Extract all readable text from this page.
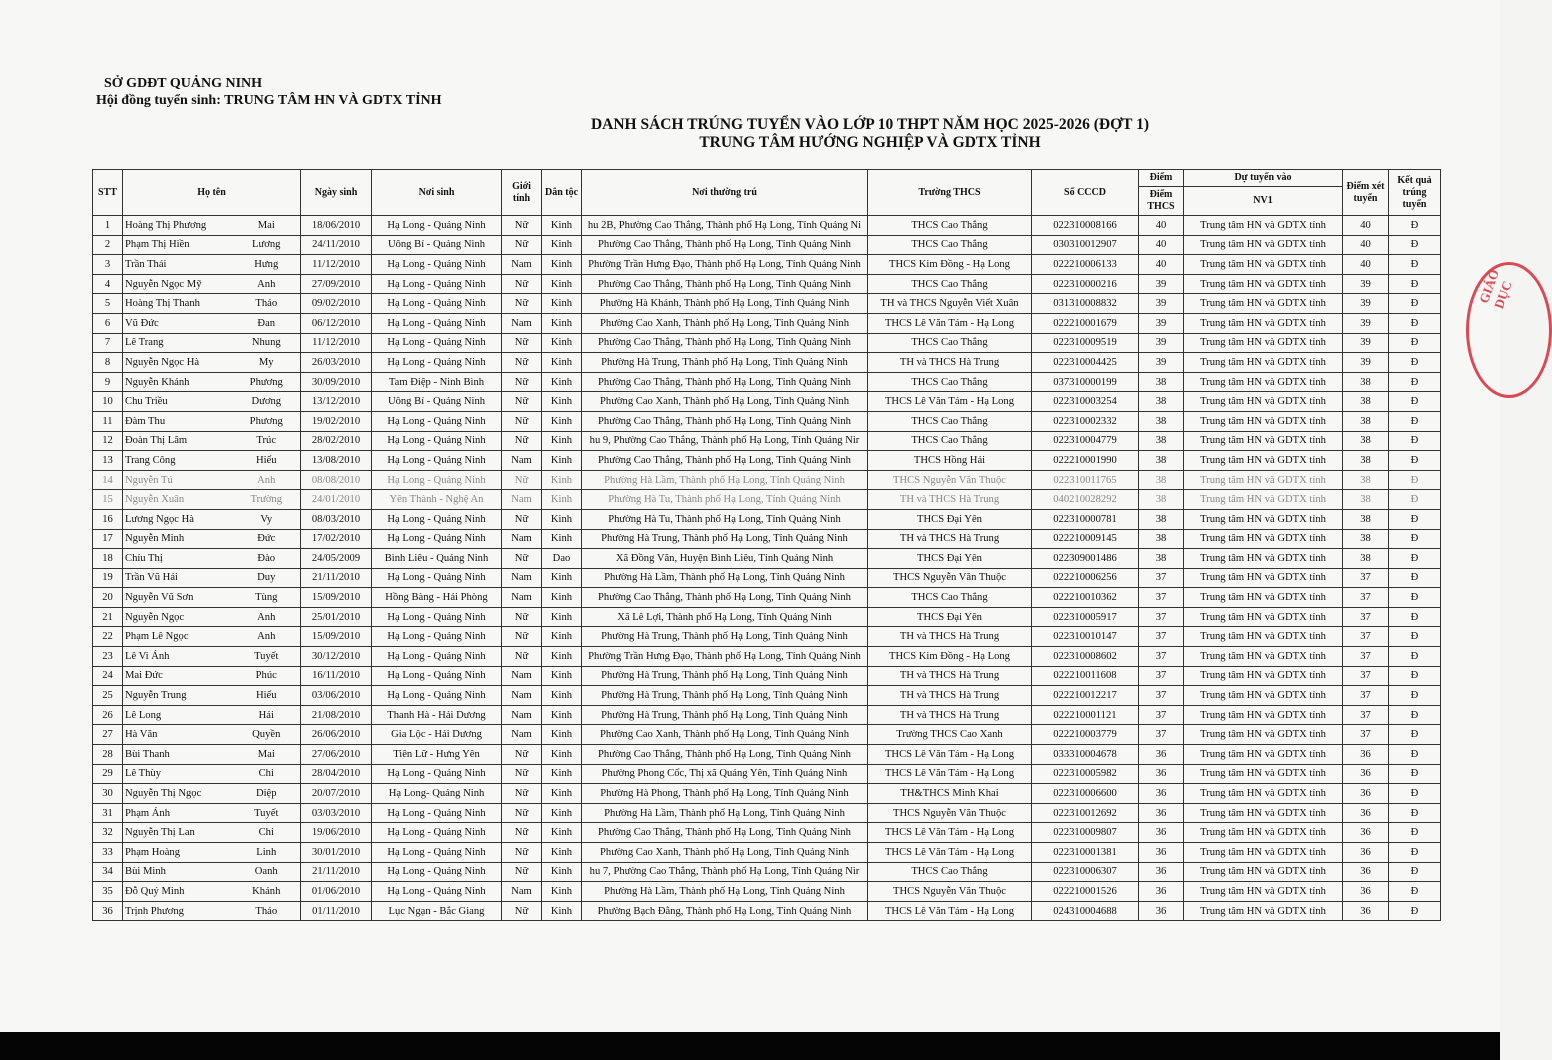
SỞ GDĐT QUẢNG NINH
Hội đồng tuyển sinh: TRUNG TÂM HN VÀ GDTX TỈNH
DANH SÁCH TRÚNG TUYỂN VÀO LỚP 10 THPT NĂM HỌC 2025-2026 (ĐỢT 1)
TRUNG TÂM HƯỚNG NGHIỆP VÀ GDTX TỈNH
STT	Họ tên		Ngày sinh	Nơi sinh	Giới tính	Dân tộc	Nơi thường trú	Trường THCS	Số CCCD	Điểm	Dự tuyển vào	Điểm xét tuyển	Kết quả trúng tuyển
										Điểm THCS	NV1		
1	Hoàng Thị Phương	Mai	18/06/2010	Hạ Long - Quảng Ninh	Nữ	Kinh	hu 2B, Phường Cao Thắng, Thành phố Hạ Long, Tỉnh Quảng Ni	THCS Cao Thắng	022310008166	40	Trung tâm HN và GDTX tỉnh	40	Đ
2	Phạm Thị Hiền	Lương	24/11/2010	Uông Bí - Quảng Ninh	Nữ	Kinh	Phường Cao Thắng, Thành phố Hạ Long, Tỉnh Quảng Ninh	THCS Cao Thắng	030310012907	40	Trung tâm HN và GDTX tỉnh	40	Đ
3	Trần Thái	Hưng	11/12/2010	Hạ Long - Quảng Ninh	Nam	Kinh	Phường Trần Hưng Đạo, Thành phố Hạ Long, Tỉnh Quảng Ninh	THCS Kim Đồng - Hạ Long	022210006133	40	Trung tâm HN và GDTX tỉnh	40	Đ
4	Nguyễn Ngọc Mỹ	Anh	27/09/2010	Hạ Long - Quảng Ninh	Nữ	Kinh	Phường Cao Thắng, Thành phố Hạ Long, Tỉnh Quảng Ninh	THCS Cao Thắng	022310000216	39	Trung tâm HN và GDTX tỉnh	39	Đ
5	Hoàng Thị Thanh	Thảo	09/02/2010	Hạ Long - Quảng Ninh	Nữ	Kinh	Phường Hà Khánh, Thành phố Hạ Long, Tỉnh Quảng Ninh	TH và THCS Nguyễn Viết Xuân	031310008832	39	Trung tâm HN và GDTX tỉnh	39	Đ
6	Vũ Đức	Đan	06/12/2010	Hạ Long - Quảng Ninh	Nam	Kinh	Phường Cao Xanh, Thành phố Hạ Long, Tỉnh Quảng Ninh	THCS Lê Văn Tám - Hạ Long	022210001679	39	Trung tâm HN và GDTX tỉnh	39	Đ
7	Lê Trang	Nhung	11/12/2010	Hạ Long - Quảng Ninh	Nữ	Kinh	Phường Cao Thắng, Thành phố Hạ Long, Tỉnh Quảng Ninh	THCS Cao Thắng	022310009519	39	Trung tâm HN và GDTX tỉnh	39	Đ
8	Nguyễn Ngọc Hà	My	26/03/2010	Hạ Long - Quảng Ninh	Nữ	Kinh	Phường Hà Trung, Thành phố Hạ Long, Tỉnh Quảng Ninh	TH và THCS Hà Trung	022310004425	39	Trung tâm HN và GDTX tỉnh	39	Đ
9	Nguyễn Khánh	Phương	30/09/2010	Tam Điệp - Ninh Bình	Nữ	Kinh	Phường Cao Thắng, Thành phố Hạ Long, Tỉnh Quảng Ninh	THCS Cao Thắng	037310000199	38	Trung tâm HN và GDTX tỉnh	38	Đ
10	Chu Triều	Dương	13/12/2010	Uông Bí - Quảng Ninh	Nữ	Kinh	Phường Cao Xanh, Thành phố Hạ Long, Tỉnh Quảng Ninh	THCS Lê Văn Tám - Hạ Long	022310003254	38	Trung tâm HN và GDTX tỉnh	38	Đ
11	Đàm Thu	Phương	19/02/2010	Hạ Long - Quảng Ninh	Nữ	Kinh	Phường Cao Thắng, Thành phố Hạ Long, Tỉnh Quảng Ninh	THCS Cao Thắng	022310002332	38	Trung tâm HN và GDTX tỉnh	38	Đ
12	Đoàn Thị Lâm	Trúc	28/02/2010	Hạ Long - Quảng Ninh	Nữ	Kinh	hu 9, Phường Cao Thắng, Thành phố Hạ Long, Tỉnh Quảng Nir	THCS Cao Thắng	022310004779	38	Trung tâm HN và GDTX tỉnh	38	Đ
13	Trang Công	Hiếu	13/08/2010	Hạ Long - Quảng Ninh	Nam	Kinh	Phường Cao Thắng, Thành phố Hạ Long, Tỉnh Quảng Ninh	THCS Hồng Hải	022210001990	38	Trung tâm HN và GDTX tỉnh	38	Đ
14	Nguyễn Tú	Anh	08/08/2010	Hạ Long - Quảng Ninh	Nữ	Kinh	Phường Hà Lầm, Thành phố Hạ Long, Tỉnh Quảng Ninh	THCS Nguyễn Văn Thuộc	022310011765	38	Trung tâm HN và GDTX tỉnh	38	Đ
15	Nguyễn Xuân	Trường	24/01/2010	Yên Thành - Nghệ An	Nam	Kinh	Phường Hà Tu, Thành phố Hạ Long, Tỉnh Quảng Ninh	TH và THCS Hà Trung	040210028292	38	Trung tâm HN và GDTX tỉnh	38	Đ
16	Lương Ngọc Hà	Vy	08/03/2010	Hạ Long - Quảng Ninh	Nữ	Kinh	Phường Hà Tu, Thành phố Hạ Long, Tỉnh Quảng Ninh	THCS Đại Yên	022310000781	38	Trung tâm HN và GDTX tỉnh	38	Đ
17	Nguyễn Minh	Đức	17/02/2010	Hạ Long - Quảng Ninh	Nam	Kinh	Phường Hà Trung, Thành phố Hạ Long, Tỉnh Quảng Ninh	TH và THCS Hà Trung	022210009145	38	Trung tâm HN và GDTX tỉnh	38	Đ
18	Chíu Thị	Đào	24/05/2009	Bình Liêu - Quảng Ninh	Nữ	Dao	Xã Đồng Văn, Huyện Bình Liêu, Tỉnh Quảng Ninh	THCS Đại Yên	022309001486	38	Trung tâm HN và GDTX tỉnh	38	Đ
19	Trần Vũ Hải	Duy	21/11/2010	Hạ Long - Quảng Ninh	Nam	Kinh	Phường Hà Lầm, Thành phố Hạ Long, Tỉnh Quảng Ninh	THCS Nguyễn Văn Thuộc	022210006256	37	Trung tâm HN và GDTX tỉnh	37	Đ
20	Nguyễn Vũ Sơn	Tùng	15/09/2010	Hồng Bàng - Hải Phòng	Nam	Kinh	Phường Cao Thắng, Thành phố Hạ Long, Tỉnh Quảng Ninh	THCS Cao Thắng	022210010362	37	Trung tâm HN và GDTX tỉnh	37	Đ
21	Nguyễn Ngọc	Anh	25/01/2010	Hạ Long - Quảng Ninh	Nữ	Kinh	Xã Lê Lợi, Thành phố Hạ Long, Tỉnh Quảng Ninh	THCS Đại Yên	022310005917	37	Trung tâm HN và GDTX tỉnh	37	Đ
22	Phạm Lê Ngọc	Anh	15/09/2010	Hạ Long - Quảng Ninh	Nữ	Kinh	Phường Hà Trung, Thành phố Hạ Long, Tỉnh Quảng Ninh	TH và THCS Hà Trung	022310010147	37	Trung tâm HN và GDTX tỉnh	37	Đ
23	Lê Vi Ánh	Tuyết	30/12/2010	Hạ Long - Quảng Ninh	Nữ	Kinh	Phường Trần Hưng Đạo, Thành phố Hạ Long, Tỉnh Quảng Ninh	THCS Kim Đồng - Hạ Long	022310008602	37	Trung tâm HN và GDTX tỉnh	37	Đ
24	Mai Đức	Phúc	16/11/2010	Hạ Long - Quảng Ninh	Nam	Kinh	Phường Hà Trung, Thành phố Hạ Long, Tỉnh Quảng Ninh	TH và THCS Hà Trung	022210011608	37	Trung tâm HN và GDTX tỉnh	37	Đ
25	Nguyễn Trung	Hiếu	03/06/2010	Hạ Long - Quảng Ninh	Nam	Kinh	Phường Hà Trung, Thành phố Hạ Long, Tỉnh Quảng Ninh	TH và THCS Hà Trung	022210012217	37	Trung tâm HN và GDTX tỉnh	37	Đ
26	Lê Long	Hải	21/08/2010	Thanh Hà - Hải Dương	Nam	Kinh	Phường Hà Trung, Thành phố Hạ Long, Tỉnh Quảng Ninh	TH và THCS Hà Trung	022210001121	37	Trung tâm HN và GDTX tỉnh	37	Đ
27	Hà Văn	Quyền	26/06/2010	Gia Lộc - Hải Dương	Nam	Kinh	Phường Cao Xanh, Thành phố Hạ Long, Tỉnh Quảng Ninh	Trường THCS Cao Xanh	022210003779	37	Trung tâm HN và GDTX tỉnh	37	Đ
28	Bùi Thanh	Mai	27/06/2010	Tiên Lữ - Hưng Yên	Nữ	Kinh	Phường Cao Thắng, Thành phố Hạ Long, Tỉnh Quảng Ninh	THCS Lê Văn Tám - Hạ Long	033310004678	36	Trung tâm HN và GDTX tỉnh	36	Đ
29	Lê Thùy	Chi	28/04/2010	Hạ Long - Quảng Ninh	Nữ	Kinh	Phường Phong Cốc, Thị xã Quảng Yên, Tỉnh Quảng Ninh	THCS Lê Văn Tám - Hạ Long	022310005982	36	Trung tâm HN và GDTX tỉnh	36	Đ
30	Nguyễn Thị Ngọc	Diệp	20/07/2010	Hạ Long- Quảng Ninh	Nữ	Kinh	Phường Hà Phong, Thành phố Hạ Long, Tỉnh Quảng Ninh	TH&THCS Minh Khai	022310006600	36	Trung tâm HN và GDTX tỉnh	36	Đ
31	Phạm Ánh	Tuyết	03/03/2010	Hạ Long - Quảng Ninh	Nữ	Kinh	Phường Hà Lầm, Thành phố Hạ Long, Tỉnh Quảng Ninh	THCS Nguyễn Văn Thuộc	022310012692	36	Trung tâm HN và GDTX tỉnh	36	Đ
32	Nguyễn Thị Lan	Chi	19/06/2010	Hạ Long - Quảng Ninh	Nữ	Kinh	Phường Cao Thắng, Thành phố Hạ Long, Tỉnh Quảng Ninh	THCS Lê Văn Tám - Hạ Long	022310009807	36	Trung tâm HN và GDTX tỉnh	36	Đ
33	Phạm Hoàng	Linh	30/01/2010	Hạ Long - Quảng Ninh	Nữ	Kinh	Phường Cao Xanh, Thành phố Hạ Long, Tỉnh Quảng Ninh	THCS Lê Văn Tám - Hạ Long	022310001381	36	Trung tâm HN và GDTX tỉnh	36	Đ
34	Bùi Minh	Oanh	21/11/2010	Hạ Long - Quảng Ninh	Nữ	Kinh	hu 7, Phường Cao Thắng, Thành phố Hạ Long, Tỉnh Quảng Nir	THCS Cao Thắng	022310006307	36	Trung tâm HN và GDTX tỉnh	36	Đ
35	Đỗ Quý Minh	Khánh	01/06/2010	Hạ Long - Quảng Ninh	Nam	Kinh	Phường Hà Lầm, Thành phố Hạ Long, Tỉnh Quảng Ninh	THCS Nguyễn Văn Thuộc	022210001526	36	Trung tâm HN và GDTX tỉnh	36	Đ
36	Trịnh Phương	Thảo	01/11/2010	Lục Ngạn - Bắc Giang	Nữ	Kinh	Phường Bạch Đằng, Thành phố Hạ Long, Tỉnh Quảng Ninh	THCS Lê Văn Tám - Hạ Long	024310004688	36	Trung tâm HN và GDTX tỉnh	36	Đ
GIÁO DỤC
